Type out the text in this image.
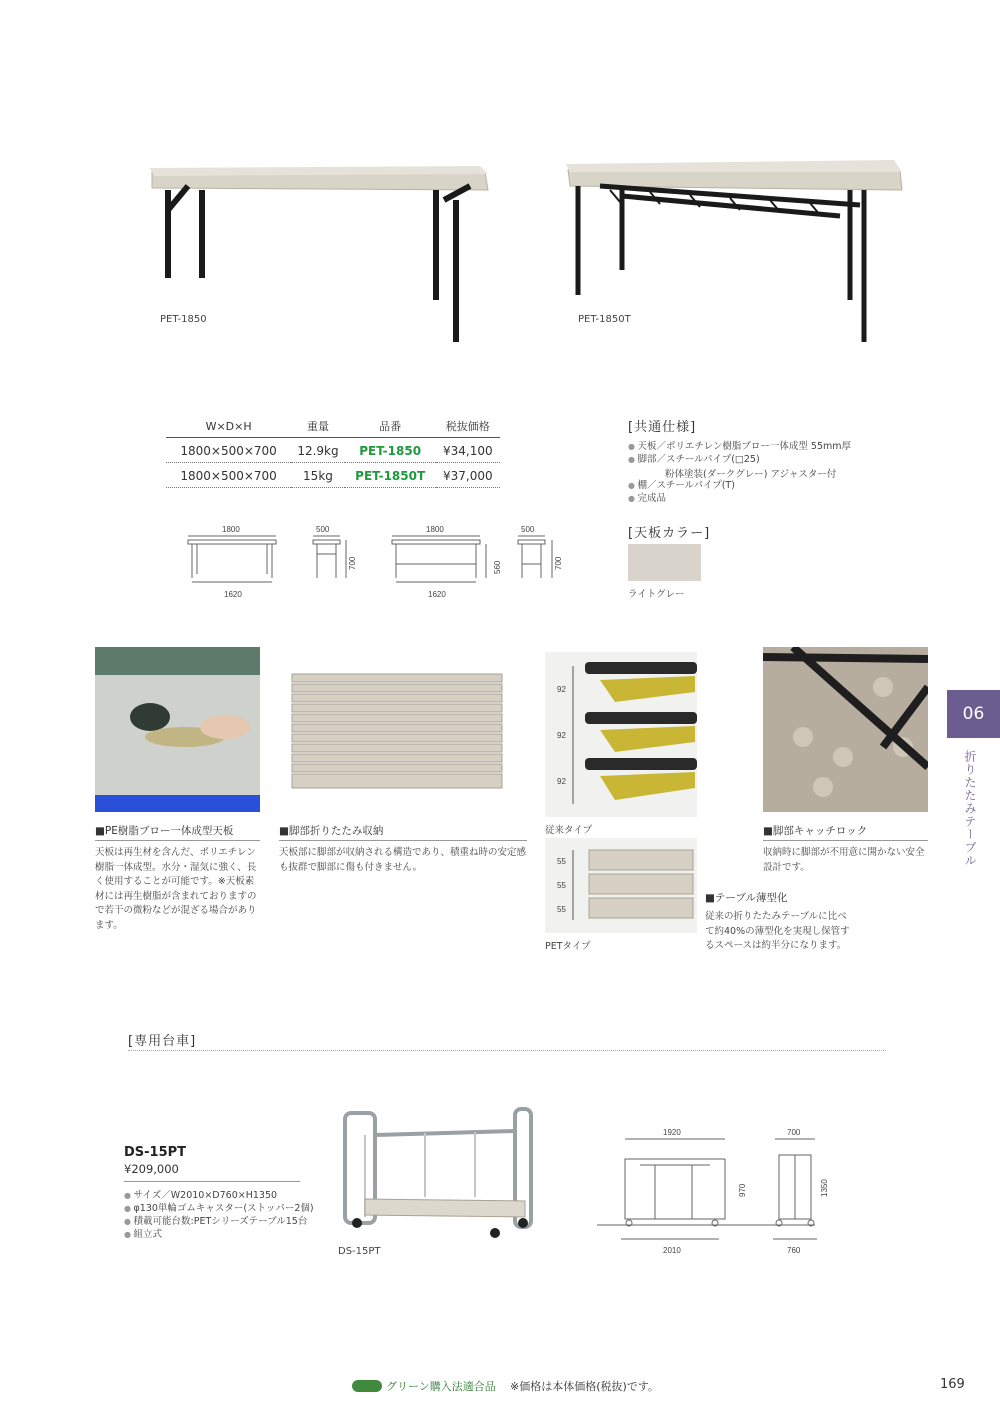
PET-1850	PET-1850T
W×D×H	重量	品番	税抜価格
1800×500×700	12.9kg	PET-1850	¥34,100
1800×500×700	15kg	PET-1850T	¥37,000
[共通仕様]
● 天板／ポリエチレン樹脂ブロー一体成型 55mm厚
● 脚部／スチールパイプ(□25)
粉体塗装(ダークグレー) アジャスター付
● 棚／スチールパイプ(T)
● 完成品
[天板カラー]
ライトグレー
1800	500	1800	500
1620	1620
700	560	700
92
92
92
従来タイプ
55
55
55
PETタイプ
■PE樹脂ブロー一体成型天板
天板は再生材を含んだ、ポリエチレン樹脂一体成型。水分・湿気に強く、長く使用することが可能です。※天板素材には再生樹脂が含まれておりますので若干の微粉などが混ざる場合があります。
■脚部折りたたみ収納
天板部に脚部が収納される構造であり、積重ね時の安定感も抜群で脚部に傷も付きません。
■脚部キャッチロック
収納時に脚部が不用意に開かない安全設計です。
■テーブル薄型化
従来の折りたたみテーブルに比べて約40%の薄型化を実現し保管するスペースは約半分になります。
06
折りたたみテーブル
[専用台車]
DS-15PT
¥209,000
● サイズ／W2010×D760×H1350
● φ130単輪ゴムキャスター(ストッパー2個)
● 積載可能台数:PETシリーズテーブル15台
● 組立式
DS-15PT
1920	700
970	1350
2010	760
グリーン購入法適合品 ※価格は本体価格(税抜)です。	169
